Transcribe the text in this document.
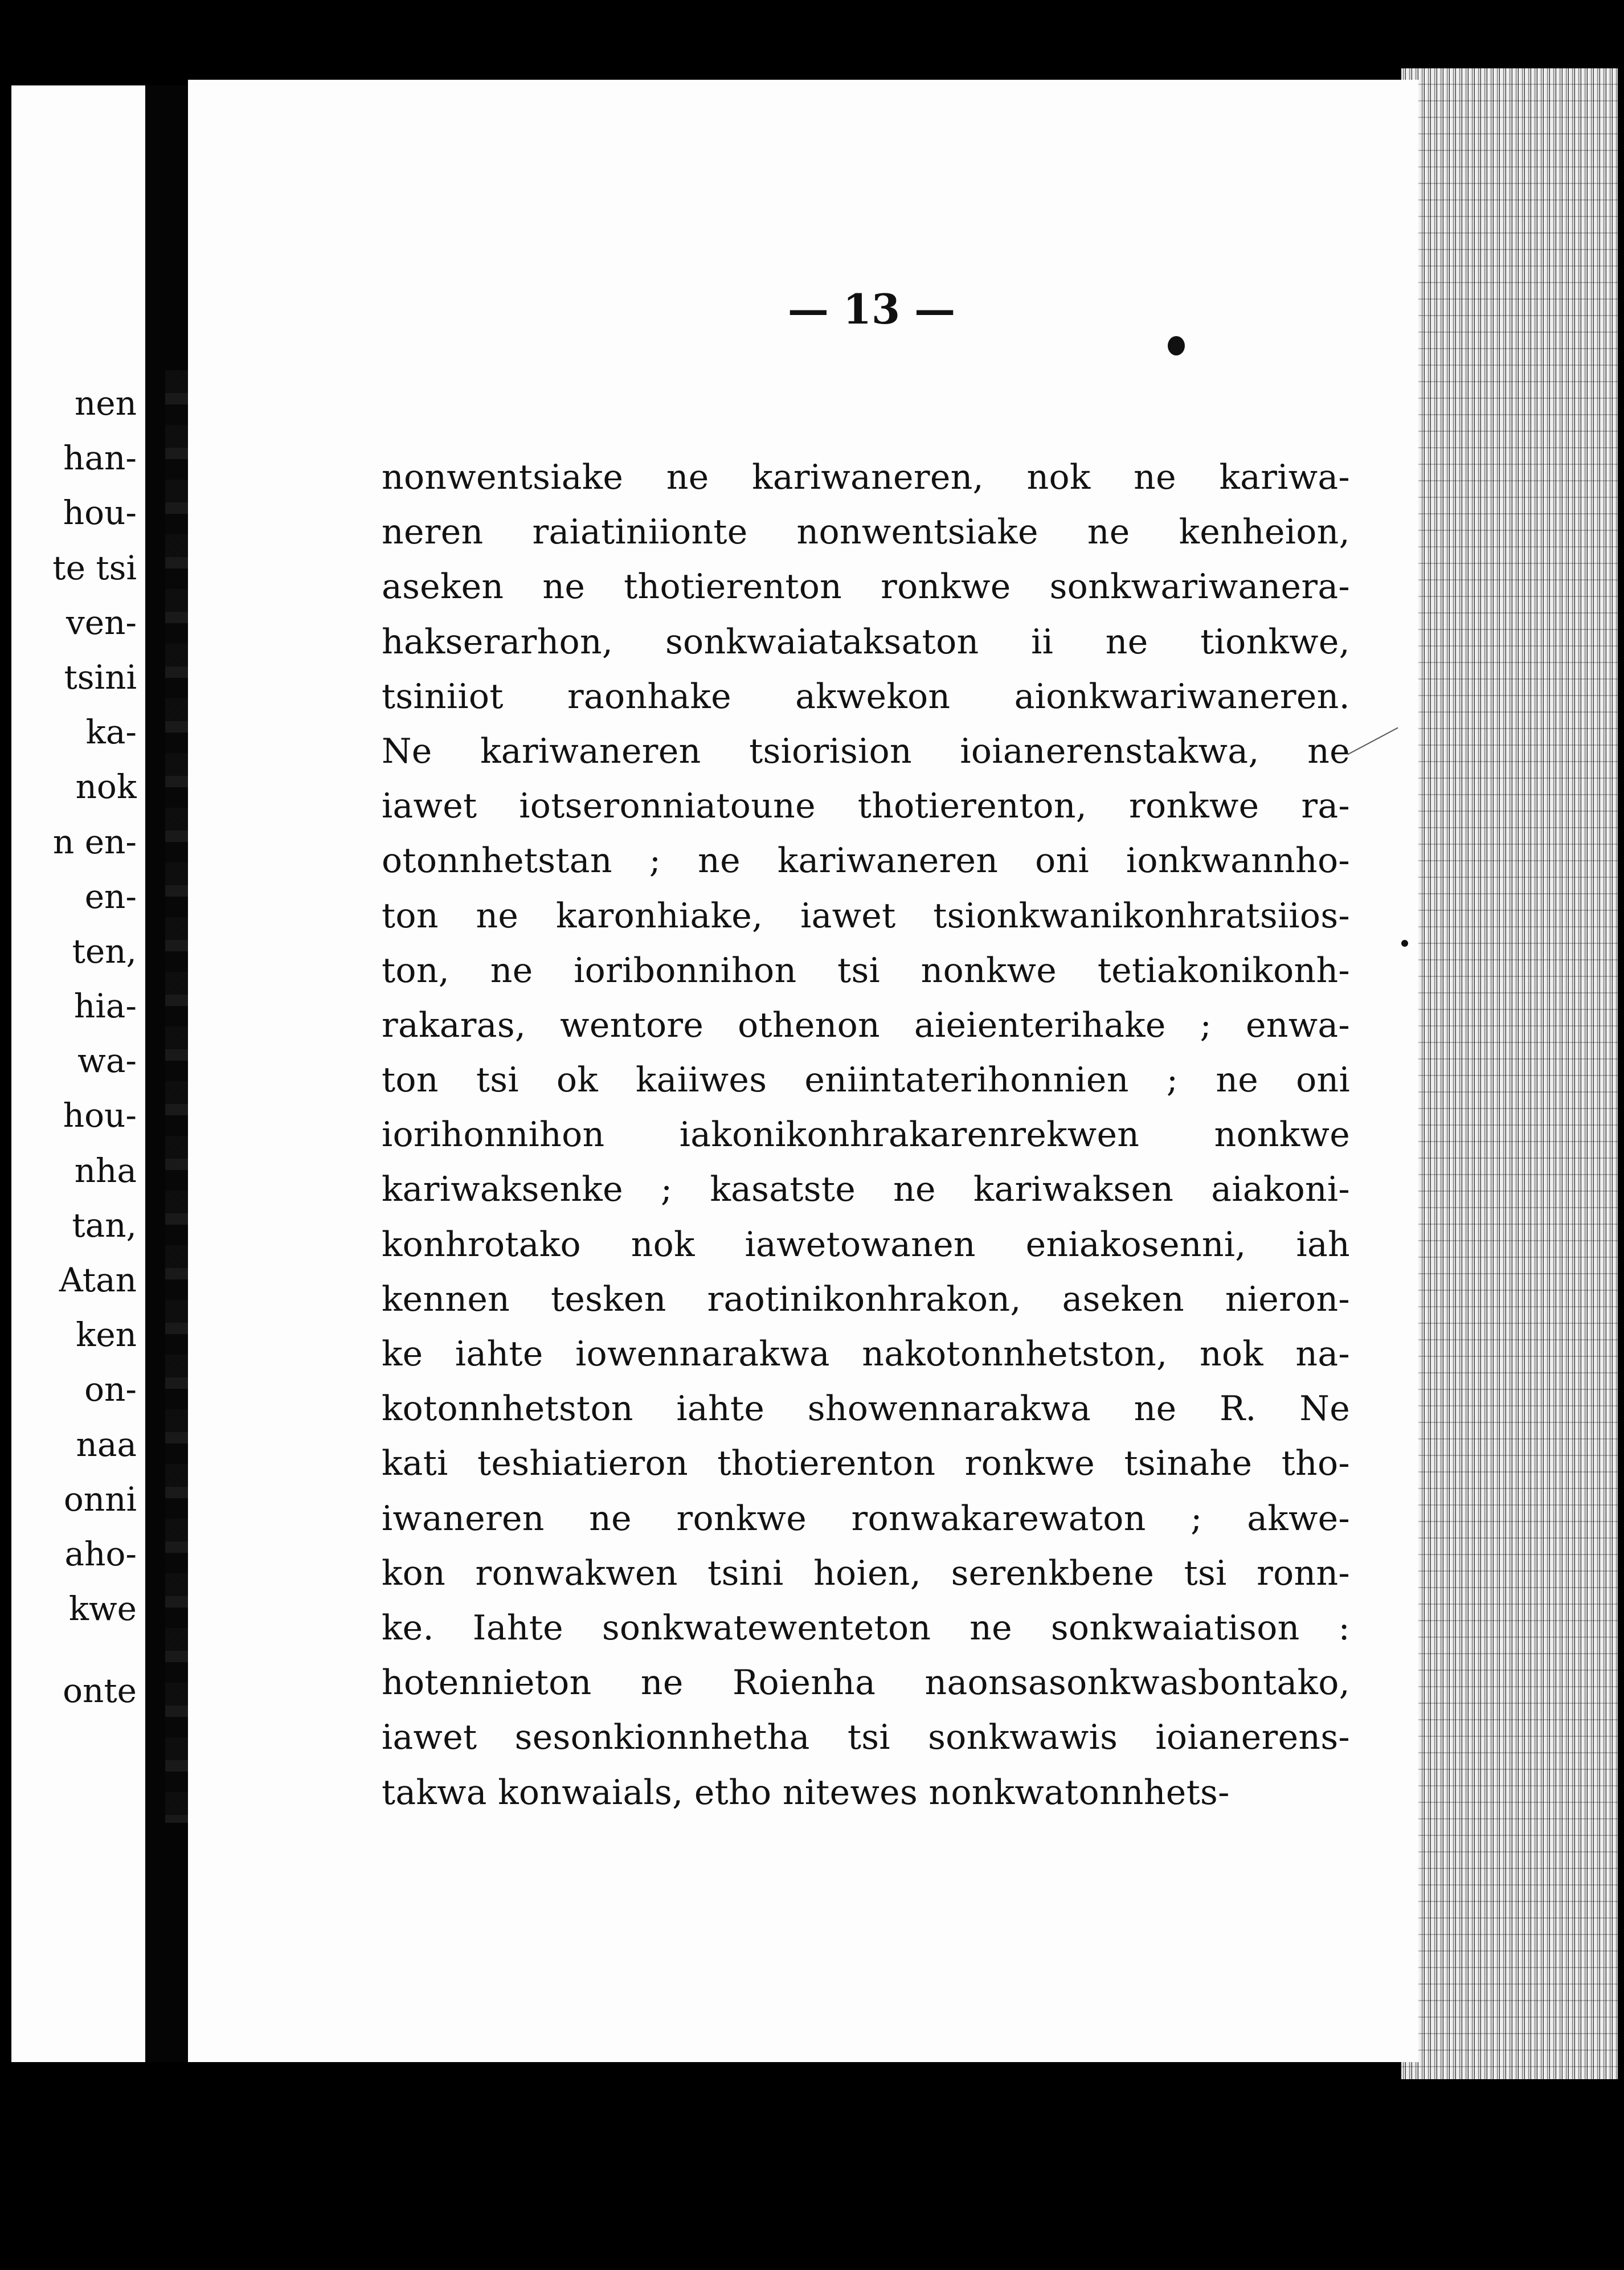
nen
han-
hou-
te tsi
ven-
tsini
ka-
nok
n en-
en-
ten,
hia-
wa-
hou-
nha
tan,
Atan
ken
on-
naa
onni
aho-
kwe
onte

— 13 —

nonwentsiake ne kariwaneren, nok ne kariwa-
neren raiatiniionte nonwentsiake ne kenheion,
aseken ne thotierenton ronkwe sonkwariwanera-
hakserarhon, sonkwaiataksaton ii ne tionkwe,
tsiniiot raonhake akwekon aionkwariwaneren.
Ne kariwaneren tsiorision ioianerenstakwa, ne
iawet iotseronniatoune thotierenton, ronkwe ra-
otonnhetstan ; ne kariwaneren oni ionkwannho-
ton ne karonhiake, iawet tsionkwanikonhratsiios-
ton, ne ioribonnihon tsi nonkwe tetiakonikonh-
rakaras, wentore othenon aieienterihake ; enwa-
ton tsi ok kaiiwes eniintaterihonnien ; ne oni
iorihonnihon iakonikonhrakarenrekwen nonkwe
kariwaksenke ; kasatste ne kariwaksen aiakoni-
konhrotako nok iawetowanen eniakosenni, iah
kennen tesken raotinikonhrakon, aseken nieron-
ke iahte iowennarakwa nakotonnhetston, nok na-
kotonnhetston iahte showennarakwa ne R. Ne
kati teshiatieron thotierenton ronkwe tsinahe tho-
iwaneren ne ronkwe ronwakarewaton ; akwe-
kon ronwakwen tsini hoien, serenkbene tsi ronn-
ke. Iahte sonkwatewenteton ne sonkwaiatison :
hotennieton ne Roienha naonsasonkwasbontako,
iawet sesonkionnhetha tsi sonkwawis ioianerens-
takwa konwaials, etho nitewes nonkwatonnhets-
